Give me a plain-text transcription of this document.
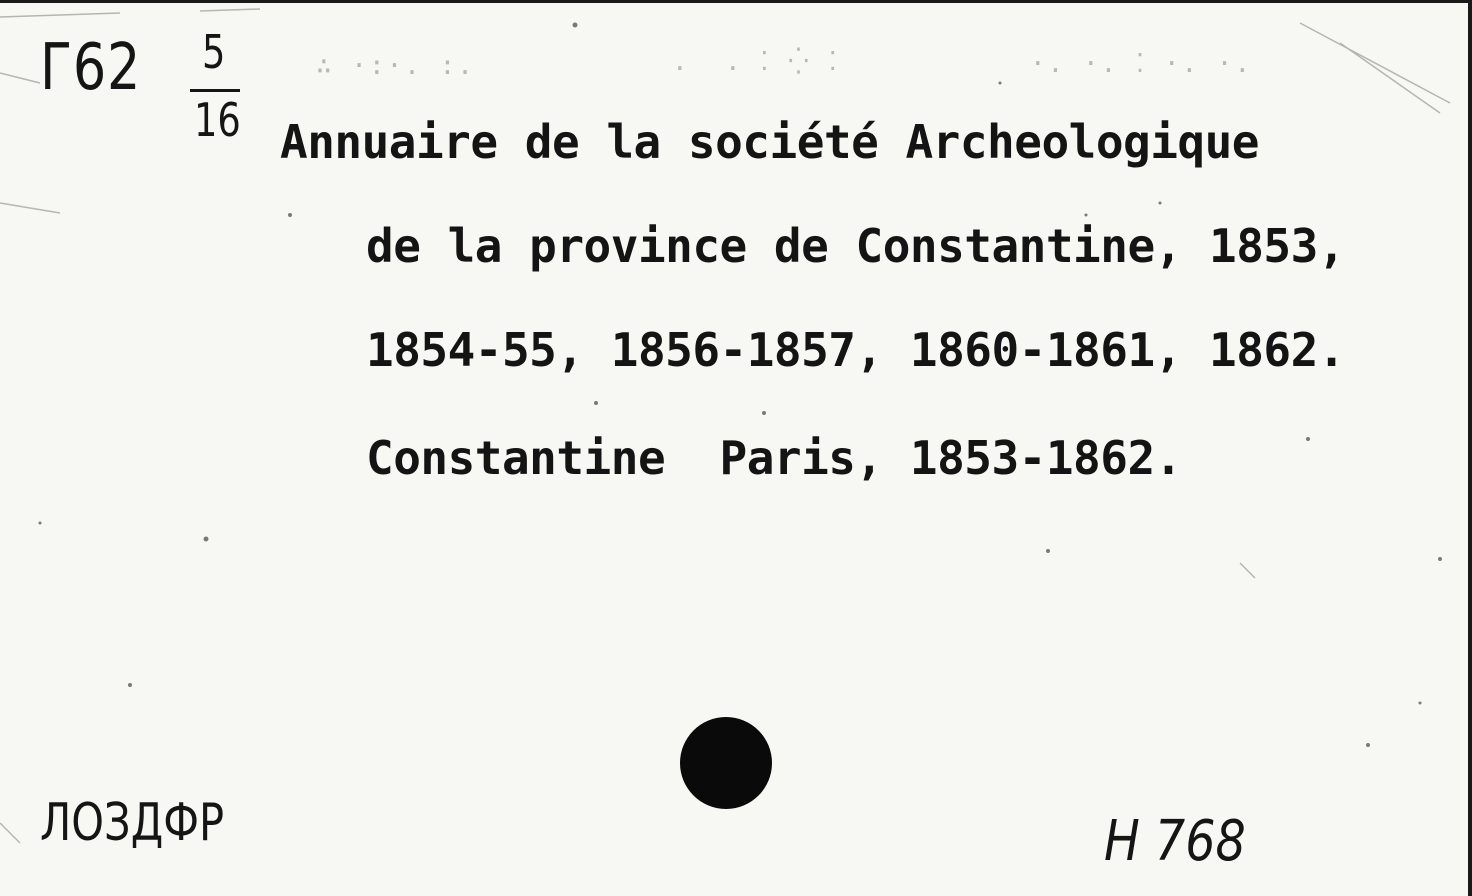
∴ ·:·. :.	.  . ⁚ ⁛ ⁚	·. ·. ⁚ ·. ·.
Г62 5
16 Annuaire de la société Archeologique
de la province de Constantine, 1853,
1854-55, 1856-1857, 1860-1861, 1862.
Constantine  Paris, 1853-1862.
ЛОЗДФР	Н 768
